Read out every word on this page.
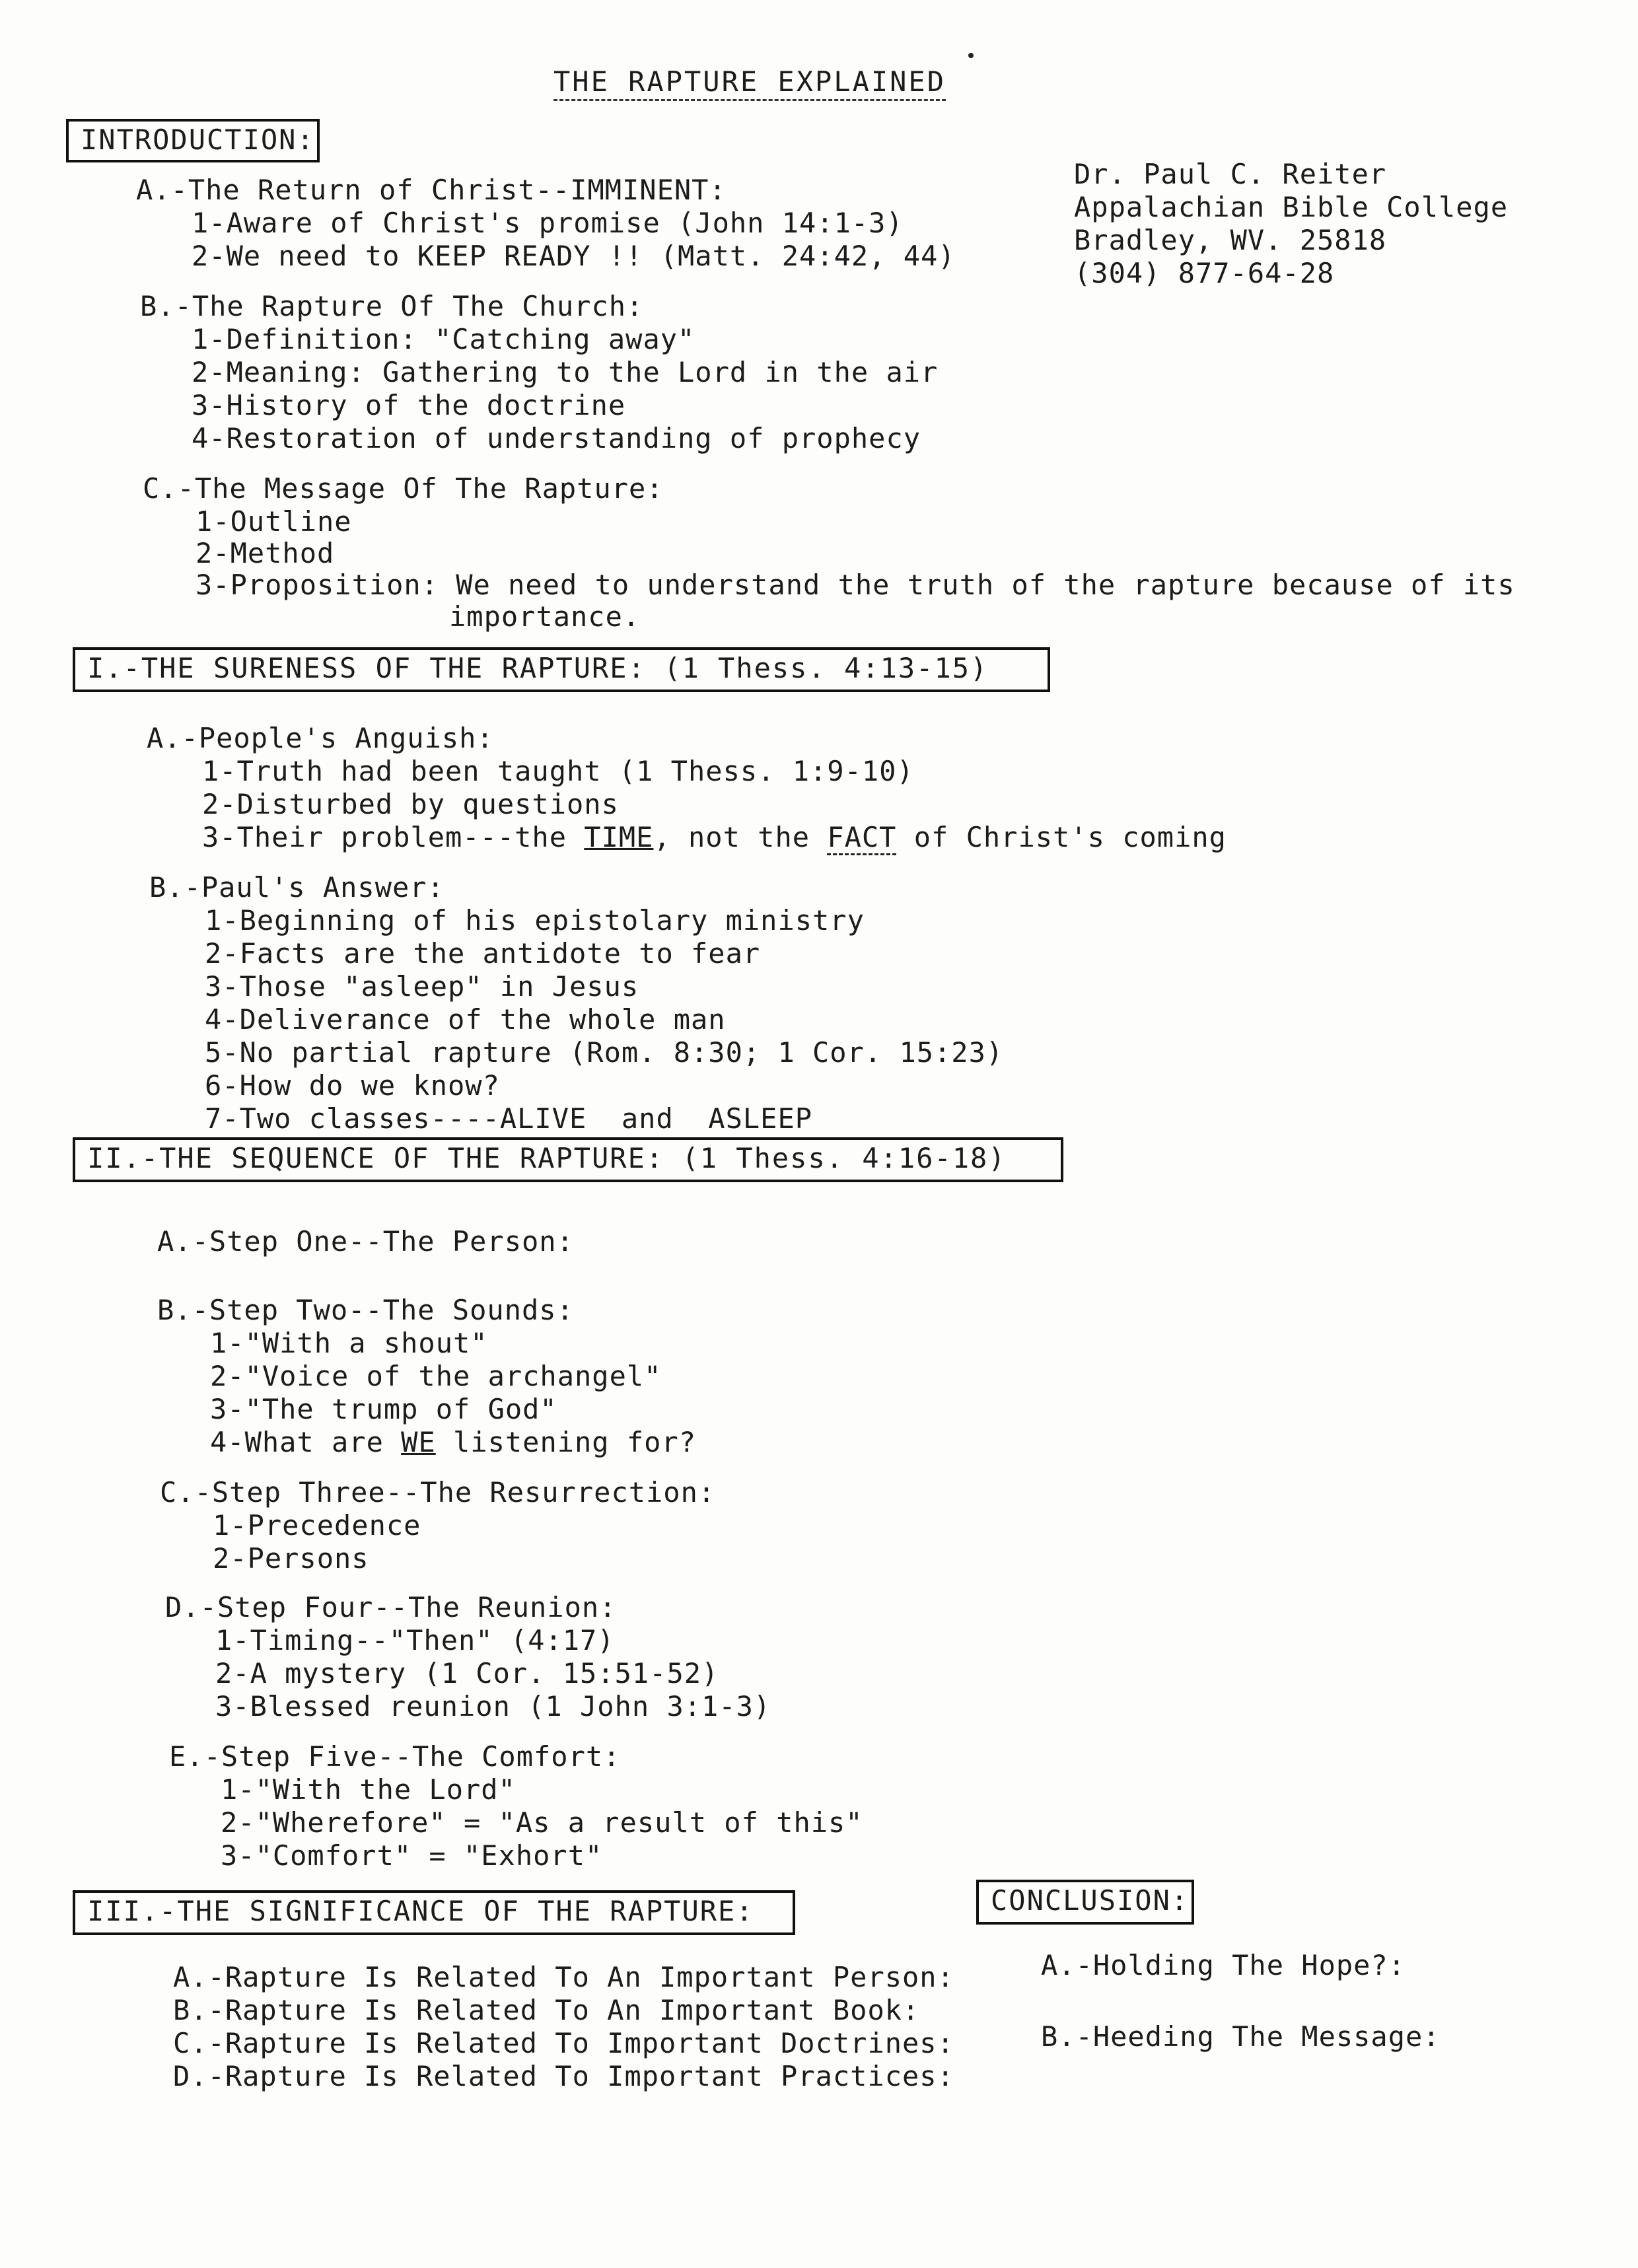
THE RAPTURE EXPLAINED
Dr. Paul C. Reiter
Appalachian Bible College
Bradley, WV. 25818
(304) 877-64-28
INTRODUCTION:
A.-The Return of Christ--IMMINENT:
1-Aware of Christ's promise (John 14:1-3)
2-We need to KEEP READY !! (Matt. 24:42, 44)
B.-The Rapture Of The Church:
1-Definition: "Catching away"
2-Meaning: Gathering to the Lord in the air
3-History of the doctrine
4-Restoration of understanding of prophecy
C.-The Message Of The Rapture:
1-Outline
2-Method
3-Proposition: We need to understand the truth of the rapture because of its
importance.
I.-THE SURENESS OF THE RAPTURE: (1 Thess. 4:13-15)
A.-People's Anguish:
1-Truth had been taught (1 Thess. 1:9-10)
2-Disturbed by questions
3-Their problem---the TIME, not the FACT of Christ's coming
B.-Paul's Answer:
1-Beginning of his epistolary ministry
2-Facts are the antidote to fear
3-Those "asleep" in Jesus
4-Deliverance of the whole man
5-No partial rapture (Rom. 8:30; 1 Cor. 15:23)
6-How do we know?
7-Two classes----ALIVE  and  ASLEEP
II.-THE SEQUENCE OF THE RAPTURE: (1 Thess. 4:16-18)
A.-Step One--The Person:
B.-Step Two--The Sounds:
1-"With a shout"
2-"Voice of the archangel"
3-"The trump of God"
4-What are WE listening for?
C.-Step Three--The Resurrection:
1-Precedence
2-Persons
D.-Step Four--The Reunion:
1-Timing--"Then" (4:17)
2-A mystery (1 Cor. 15:51-52)
3-Blessed reunion (1 John 3:1-3)
E.-Step Five--The Comfort:
1-"With the Lord"
2-"Wherefore" = "As a result of this"
3-"Comfort" = "Exhort"
III.-THE SIGNIFICANCE OF THE RAPTURE:
A.-Rapture Is Related To An Important Person:
B.-Rapture Is Related To An Important Book:
C.-Rapture Is Related To Important Doctrines:
D.-Rapture Is Related To Important Practices:
CONCLUSION:
A.-Holding The Hope?:
B.-Heeding The Message:
